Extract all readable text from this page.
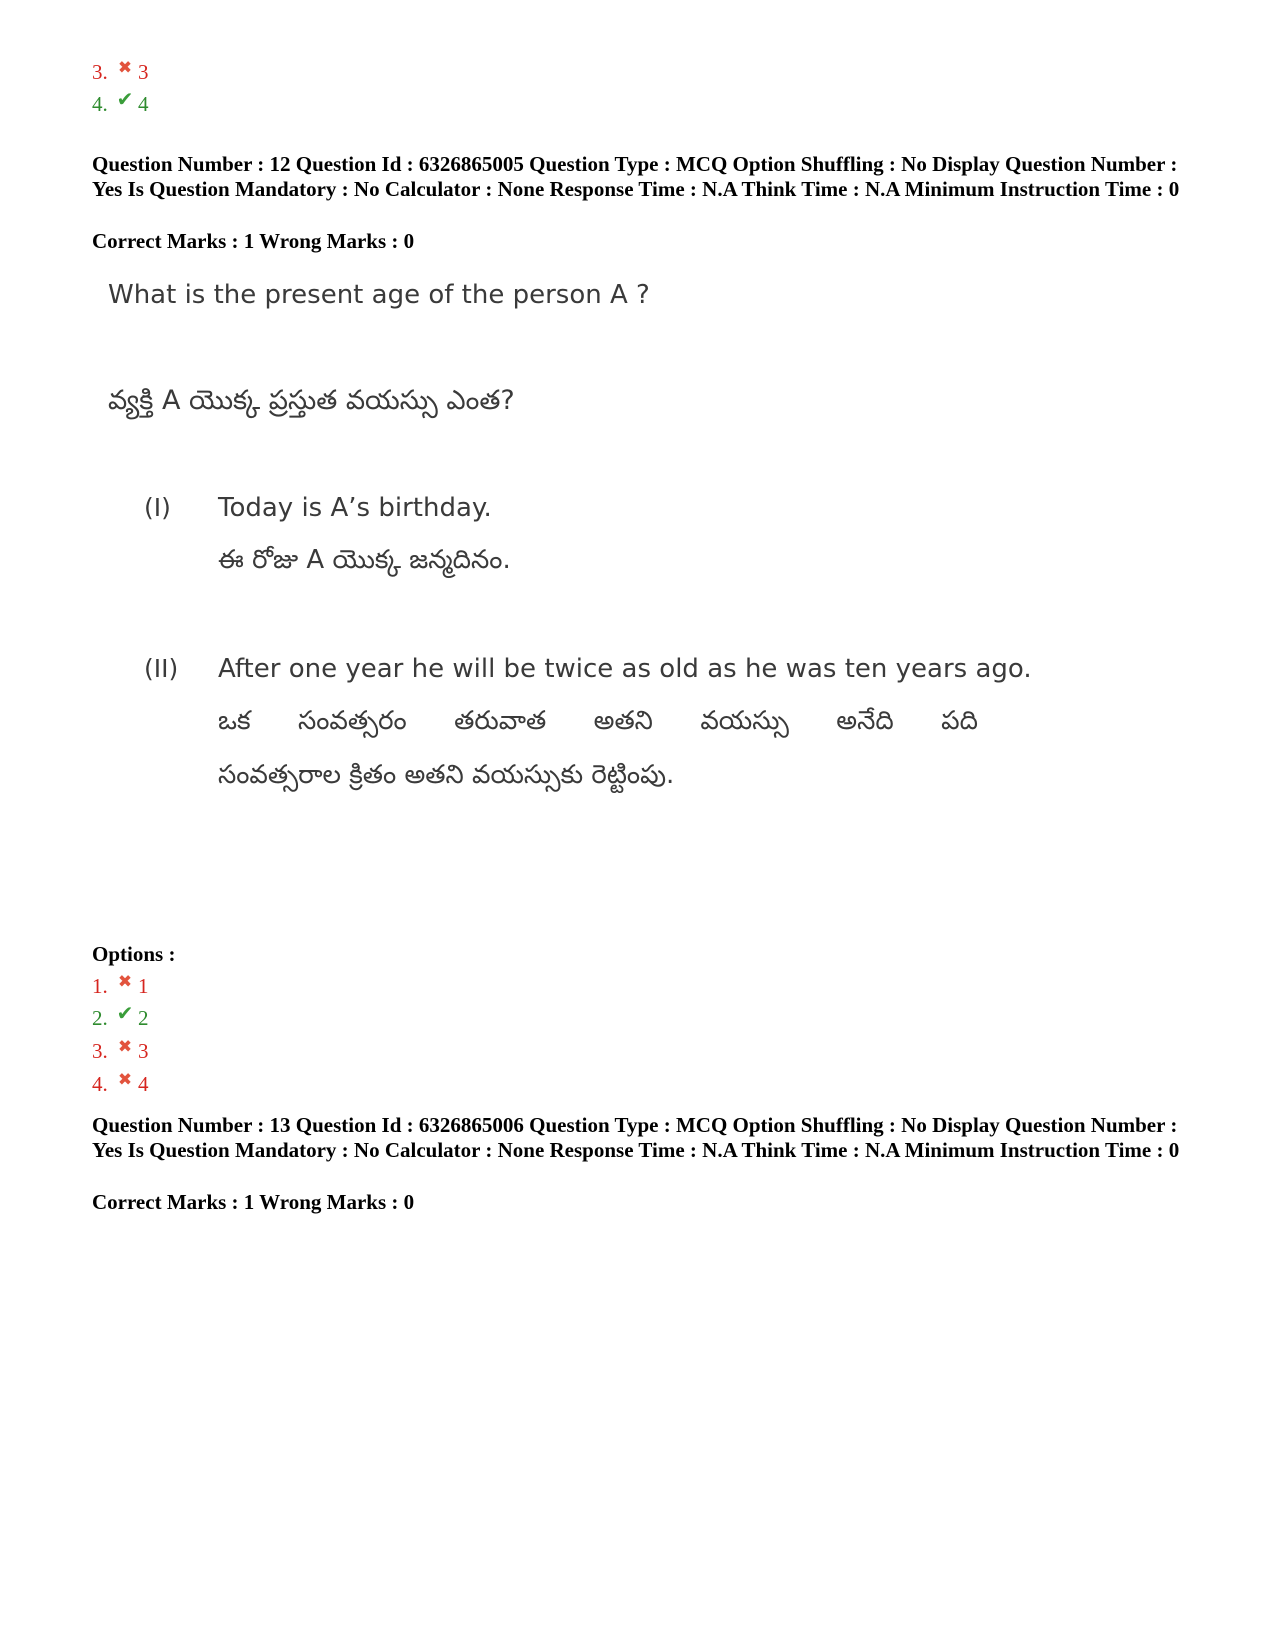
3. ✖ 3
4. ✔ 4
Question Number : 12 Question Id : 6326865005 Question Type : MCQ Option Shuffling : No Display Question Number : Yes Is Question Mandatory : No Calculator : None Response Time : N.A Think Time : N.A Minimum Instruction Time : 0
Correct Marks : 1 Wrong Marks : 0
What is the present age of the person A ?
వ్యక్తి A యొక్క ప్రస్తుత వయస్సు ఎంత?
(I) Today is A’s birthday.
ఈ రోజు A యొక్క జన్మదినం.
(II) After one year he will be twice as old as he was ten years ago.
ఒక సంవత్సరం తరువాత అతని వయస్సు అనేది పది
సంవత్సరాల క్రితం అతని వయస్సుకు రెట్టింపు.
Options :
1. ✖ 1
2. ✔ 2
3. ✖ 3
4. ✖ 4
Question Number : 13 Question Id : 6326865006 Question Type : MCQ Option Shuffling : No Display Question Number : Yes Is Question Mandatory : No Calculator : None Response Time : N.A Think Time : N.A Minimum Instruction Time : 0
Correct Marks : 1 Wrong Marks : 0
